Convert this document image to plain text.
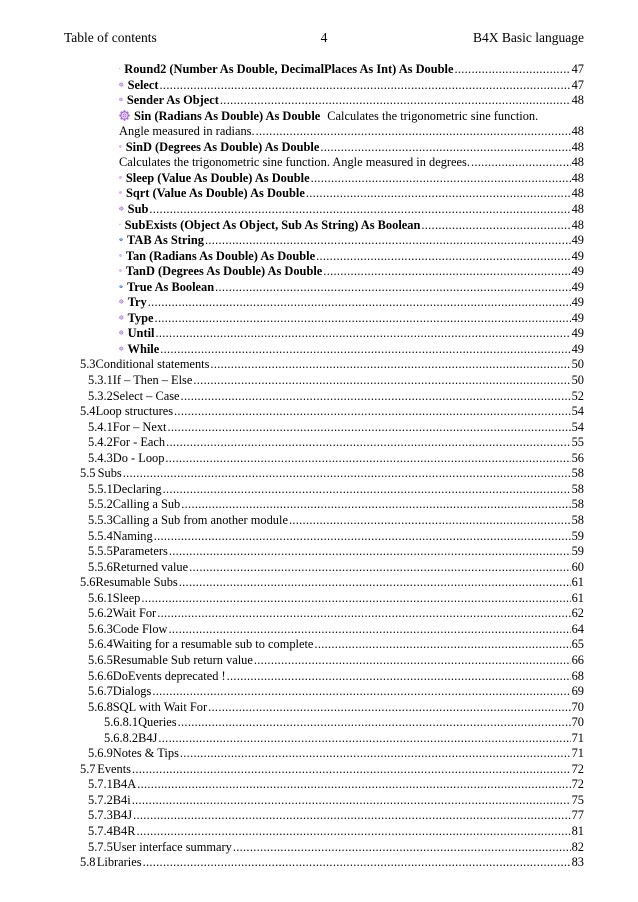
Table of contents	4	B4X Basic language
Round2 (Number As Double, DecimalPlaces As Int) As Double .....	47
Select .....	47
Sender As Object .....	48
Sin (Radians As Double) As Double Calculates the trigonometric sine function.
Angle measured in radians. .....	48
SinD (Degrees As Double) As Double .....	48
Calculates the trigonometric sine function. Angle measured in degrees. .....	48
Sleep (Value As Double) As Double .....	48
Sqrt (Value As Double) As Double .....	48
Sub .....	48
SubExists (Object As Object, Sub As String) As Boolean .....	48
TAB As String .....	49
Tan (Radians As Double) As Double .....	49
TanD (Degrees As Double) As Double .....	49
True As Boolean .....	49
Try .....	49
Type .....	49
Until .....	49
While .....	49
5.3 Conditional statements .....	50
5.3.1 If – Then – Else .....	50
5.3.2 Select – Case .....	52
5.4 Loop structures .....	54
5.4.1 For – Next .....	54
5.4.2 For - Each .....	55
5.4.3 Do - Loop .....	56
5.5 Subs .....	58
5.5.1 Declaring .....	58
5.5.2 Calling a Sub .....	58
5.5.3 Calling a Sub from another module .....	58
5.5.4 Naming .....	59
5.5.5 Parameters .....	59
5.5.6 Returned value .....	60
5.6 Resumable Subs .....	61
5.6.1 Sleep .....	61
5.6.2 Wait For .....	62
5.6.3 Code Flow .....	64
5.6.4 Waiting for a resumable sub to complete .....	65
5.6.5 Resumable Sub return value .....	66
5.6.6 DoEvents deprecated ! .....	68
5.6.7 Dialogs .....	69
5.6.8 SQL with Wait For .....	70
5.6.8.1 Queries .....	70
5.6.8.2 B4J .....	71
5.6.9 Notes & Tips .....	71
5.7 Events .....	72
5.7.1 B4A .....	72
5.7.2 B4i .....	75
5.7.3 B4J .....	77
5.7.4 B4R .....	81
5.7.5 User interface summary .....	82
5.8 Libraries .....	83
